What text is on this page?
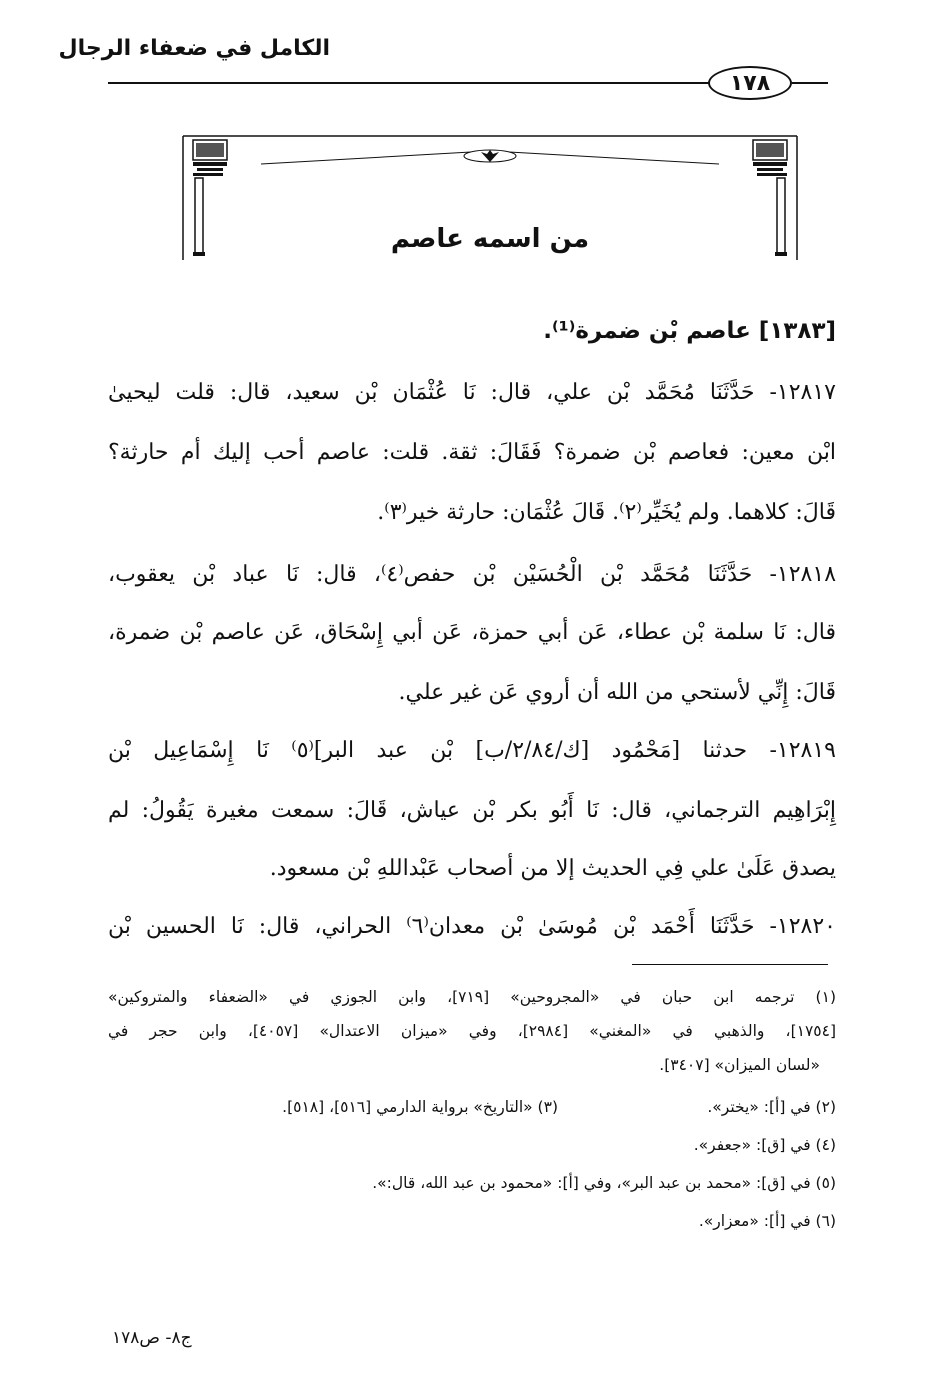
الكامل في ضعفاء الرجال
١٧٨
من اسمه عاصم
[١٣٨٣] عاصم بْن ضمرة⁽¹⁾.
١٢٨١٧- حَدَّثَنَا مُحَمَّد بْن علي، قال: نَا عُثْمَان بْن سعيد، قال: قلت ليحيىٰ
ابْن معين: فعاصم بْن ضمرة؟ فَقَالَ: ثقة. قلت: عاصم أحب إليك أم حارثة؟
قَالَ: كلاهما. ولم يُخَيِّر⁽٢⁾. قَالَ عُثْمَان: حارثة خير⁽٣⁾.
١٢٨١٨- حَدَّثَنَا مُحَمَّد بْن الْحُسَيْن بْن حفص⁽٤⁾، قال: نَا عباد بْن يعقوب،
قال: نَا سلمة بْن عطاء، عَن أبي حمزة، عَن أبي إِسْحَاق، عَن عاصم بْن ضمرة،
قَالَ: إِنِّي لأستحي من الله أن أروي عَن غير علي.
١٢٨١٩- حدثنا [مَحْمُود [ك/٢/٨٤/ب] بْن عبد البر]⁽٥⁾ نَا إِسْمَاعِيل بْن
إِبْرَاهِيم الترجماني، قال: نَا أَبُو بكر بْن عياش، قَالَ: سمعت مغيرة يَقُولُ: لم
يصدق عَلَىٰ علي فِي الحديث إلا من أصحاب عَبْداللهِ بْن مسعود.
١٢٨٢٠- حَدَّثَنَا أَحْمَد بْن مُوسَىٰ بْن معدان⁽٦⁾ الحراني، قال: نَا الحسين بْن
(١) ترجمه ابن حبان في «المجروحين» [٧١٩]، وابن الجوزي في «الضعفاء والمتروكين»
[١٧٥٤]، والذهبي في «المغني» [٢٩٨٤]، وفي «ميزان الاعتدال» [٤٠٥٧]، وابن حجر في
«لسان الميزان» [٣٤٠٧].
(٢) في [أ]: «يختر».
(٣) «التاريخ» برواية الدارمي [٥١٦]، [٥١٨].
(٤) في [ق]: «جعفر».
(٥) في [ق]: «محمد بن عبد البر»، وفي [أ]: «محمود بن عبد الله، قال:».
(٦) في [أ]: «معزار».
ج٨- ص١٧٨
